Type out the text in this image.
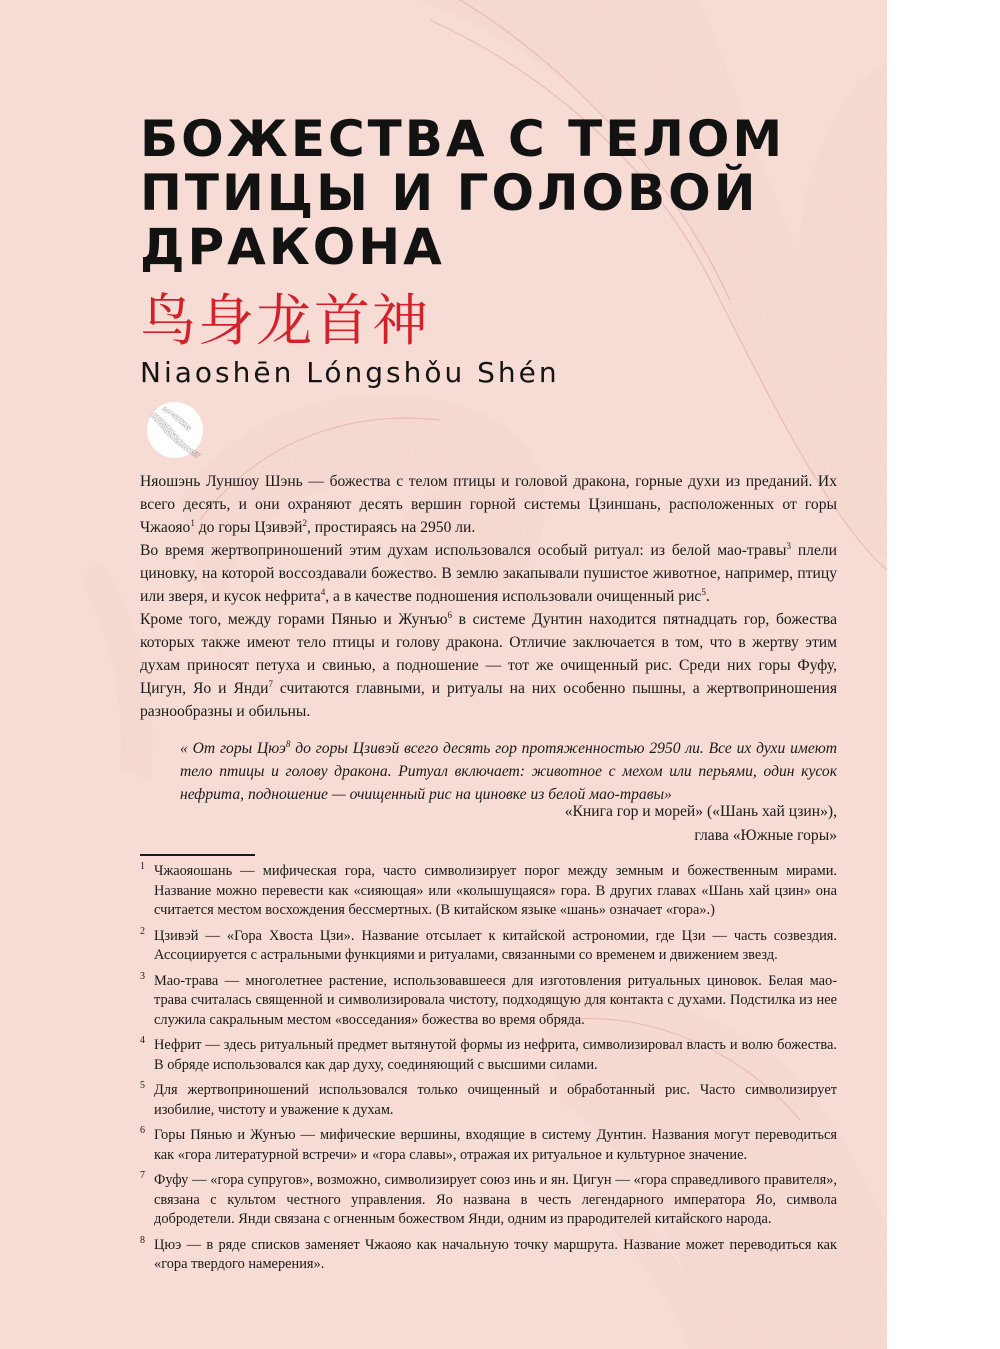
БОЖЕСТВА С ТЕЛОМ
ПТИЦЫ И ГОЛОВОЙ
ДРАКОНА
鸟身龙首神
Niaoshēn Lóngshǒu Shén

Няошэнь Луншоу Шэнь — божества с телом птицы и головой дракона, горные духи из преданий. Их всего десять, и они охраняют десять вершин горной системы Цзиншань, расположенных от горы Чжаояо$^1$ до горы Цзивэй$^2$, простираясь на 2950 ли.

Во время жертвоприношений этим духам использовался особый ритуал: из белой мао-травы$^3$ плели циновку, на которой воссоздавали божество. В землю закапывали пушистое животное, например, птицу или зверя, и кусок нефрита$^4$, а в качестве подношения использовали очищенный рис$^5$.

Кроме того, между горами Пянью и Жунъю$^6$ в системе Дунтин находится пятнадцать гор, божества которых также имеют тело птицы и голову дракона. Отличие заключается в том, что в жертву этим духам приносят петуха и свинью, а подношение — тот же очищенный рис. Среди них горы Фуфу, Цигун, Яо и Янди$^7$ считаются главными, и ритуалы на них особенно пышны, а жертвоприношения разнообразны и обильны.

« От горы Цюэ$^8$ до горы Цзивэй всего десять гор протяженностью 2950 ли. Все их духи имеют тело птицы и голову дракона. Ритуал включает: животное с мехом или перьями, один кусок нефрита, подношение — очищенный рис на циновке из белой мао-травы»
«Книга гор и морей» («Шань хай цзин»),
глава «Южные горы»
1 Чжаояошань — мифическая гора, часто символизирует порог между земным и божественным мирами. Название можно перевести как «сияющая» или «колышущаяся» гора. В других главах «Шань хай цзин» она считается местом восхождения бессмертных. (В китайском языке «шань» означает «гора».)
2 Цзивэй — «Гора Хвоста Цзи». Название отсылает к китайской астрономии, где Цзи — часть созвездия. Ассоциируется с астральными функциями и ритуалами, связанными со временем и движением звезд.
3 Мао-трава — многолетнее растение, использовавшееся для изготовления ритуальных циновок. Белая мао-трава считалась священной и символизировала чистоту, подходящую для контакта с духами. Подстилка из нее служила сакральным местом «восседания» божества во время обряда.
4 Нефрит — здесь ритуальный предмет вытянутой формы из нефрита, символизировал власть и волю божества. В обряде использовался как дар духу, соединяющий с высшими силами.
5 Для жертвоприношений использовался только очищенный и обработанный рис. Часто символизирует изобилие, чистоту и уважение к духам.
6 Горы Пянью и Жунъю — мифические вершины, входящие в систему Дунтин. Названия могут переводиться как «гора литературной встречи» и «гора славы», отражая их ритуальное и культурное значение.
7 Фуфу — «гора супругов», возможно, символизирует союз инь и ян. Цигун — «гора справедливого правителя», связана с культом честного управления. Яо названа в честь легендарного императора Яо, символа добродетели. Янди связана с огненным божеством Янди, одним из прародителей китайского народа.
8 Цюэ — в ряде списков заменяет Чжаояо как начальную точку маршрута. Название может переводиться как «гора твердого намерения».
